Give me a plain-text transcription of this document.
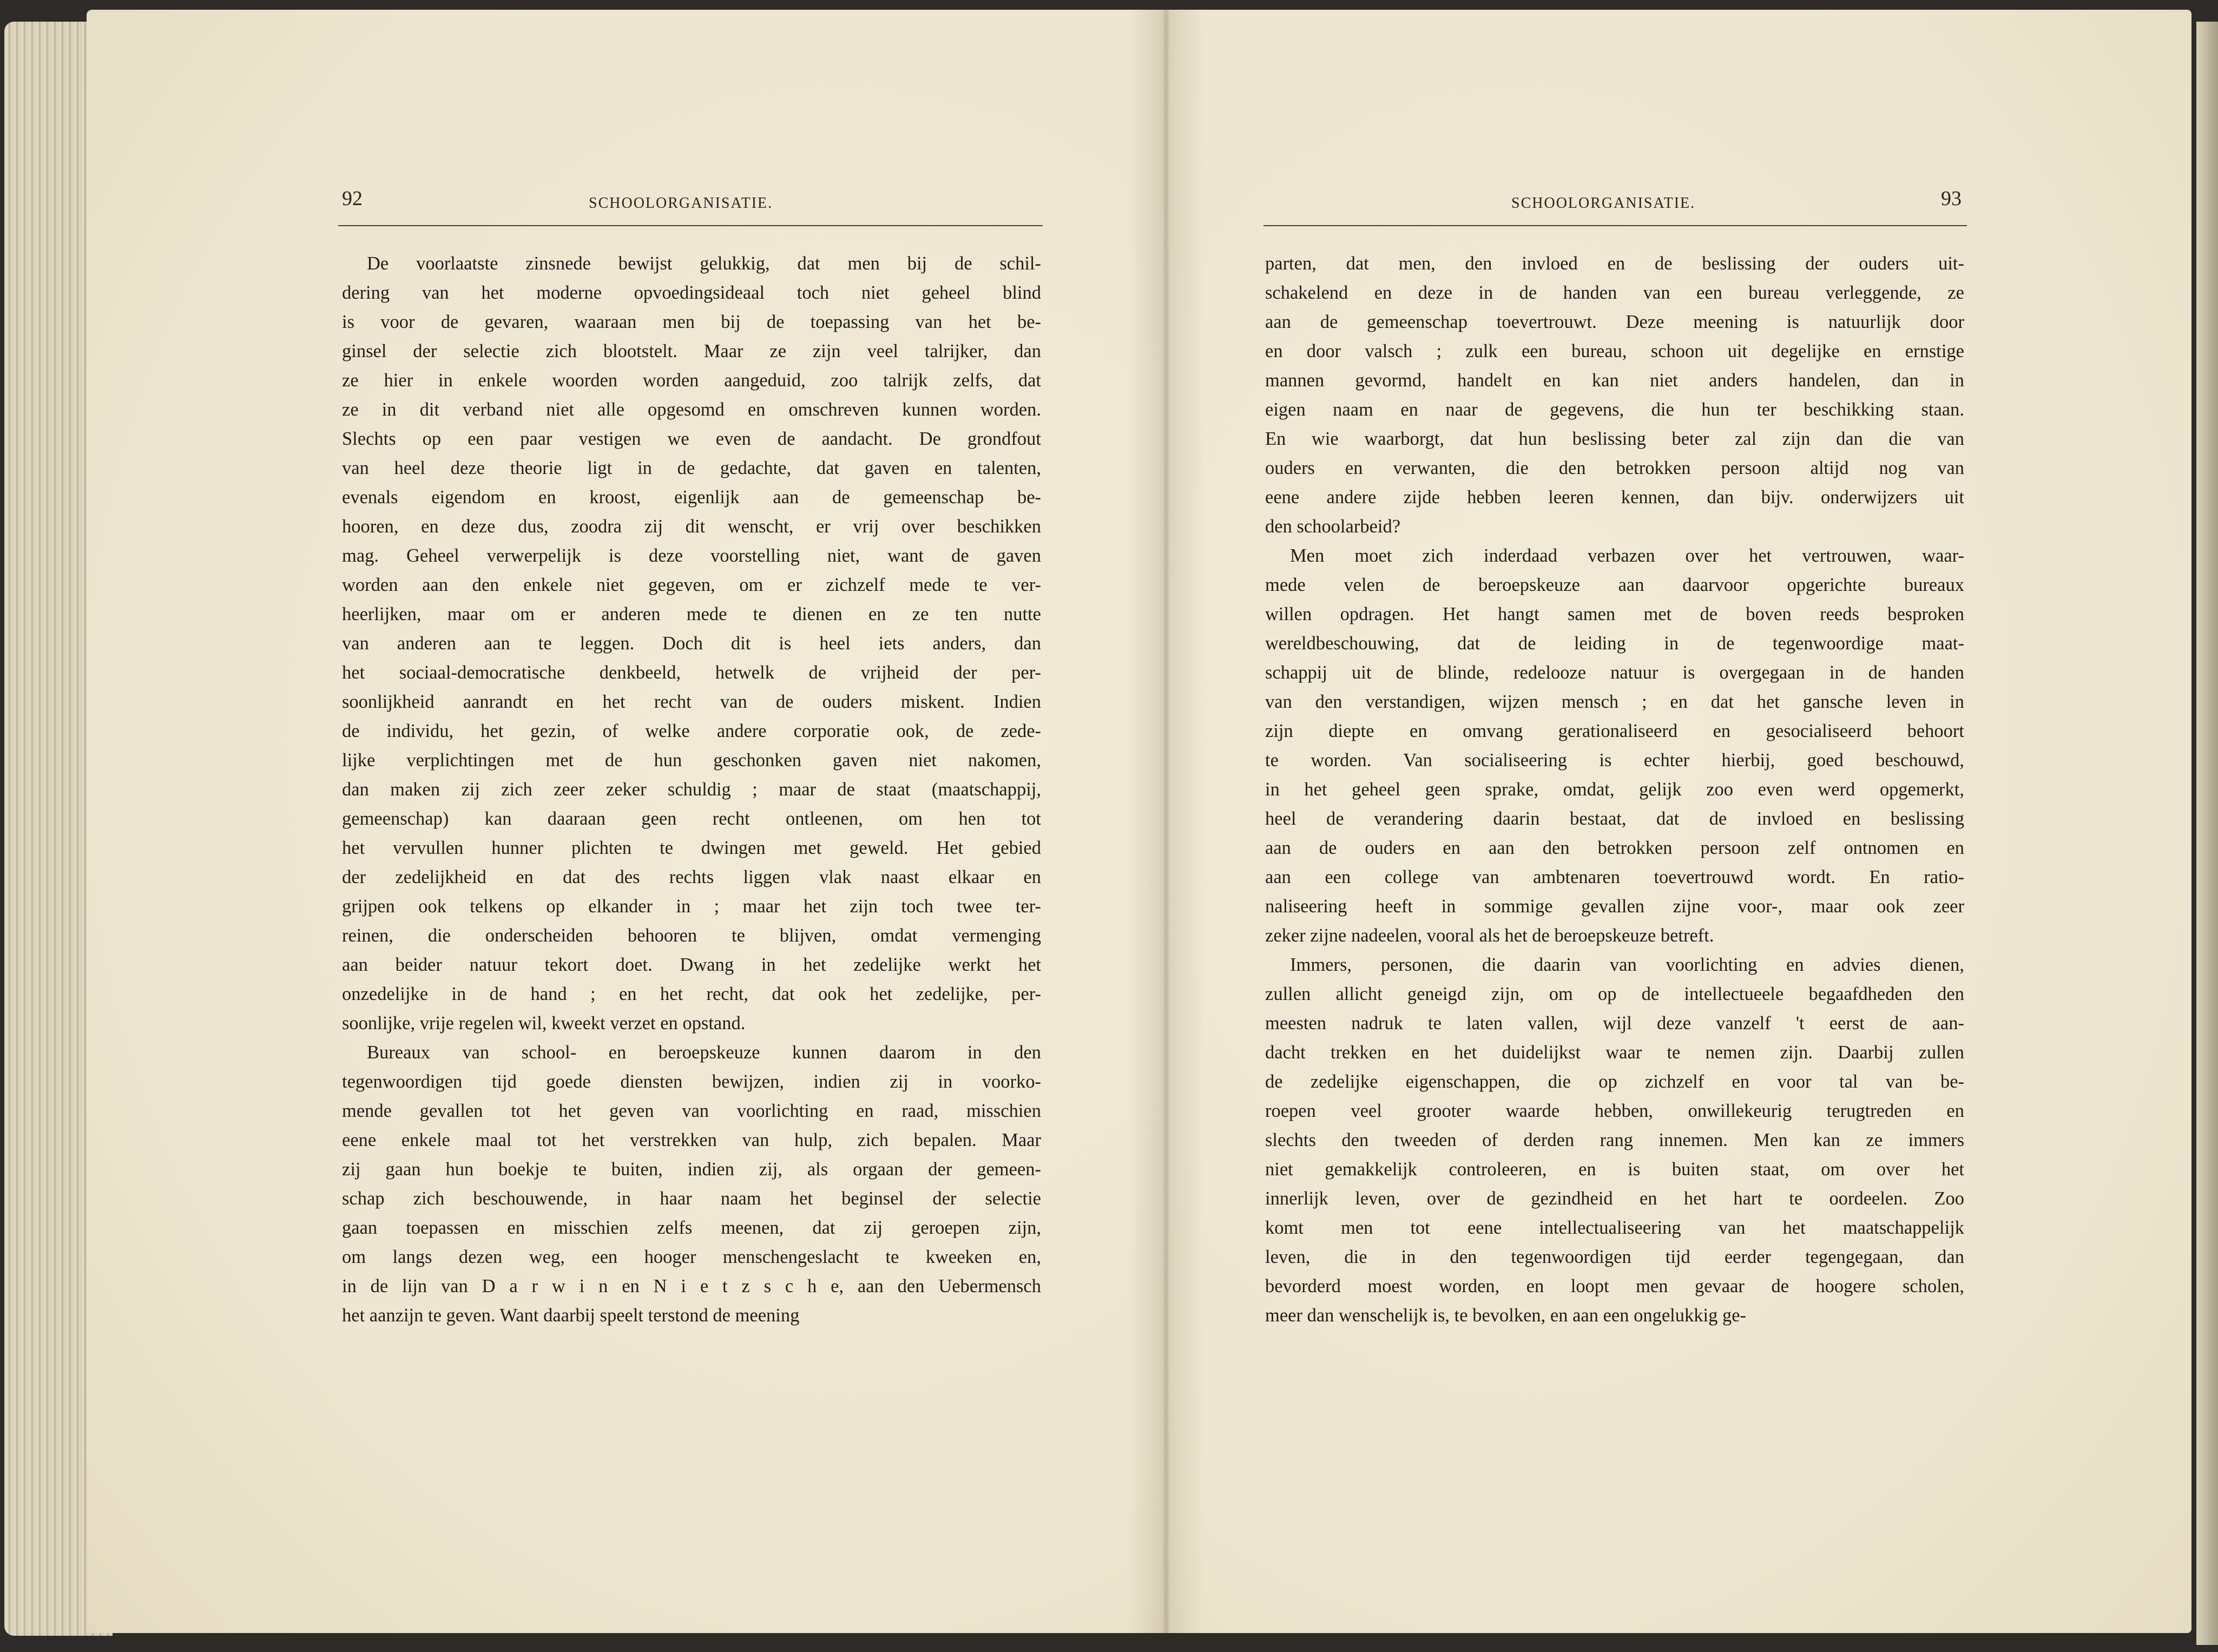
92	SCHOOLORGANISATIE.	SCHOOLORGANISATIE.	93
De voorlaatste zinsnede bewijst gelukkig, dat men bij de schil-
dering van het moderne opvoedingsideaal toch niet geheel blind
is voor de gevaren, waaraan men bij de toepassing van het be-
ginsel der selectie zich blootstelt. Maar ze zijn veel talrijker, dan
ze hier in enkele woorden worden aangeduid, zoo talrijk zelfs, dat
ze in dit verband niet alle opgesomd en omschreven kunnen worden.
Slechts op een paar vestigen we even de aandacht. De grondfout
van heel deze theorie ligt in de gedachte, dat gaven en talenten,
evenals eigendom en kroost, eigenlijk aan de gemeenschap be-
hooren, en deze dus, zoodra zij dit wenscht, er vrij over beschikken
mag. Geheel verwerpelijk is deze voorstelling niet, want de gaven
worden aan den enkele niet gegeven, om er zichzelf mede te ver-
heerlijken, maar om er anderen mede te dienen en ze ten nutte
van anderen aan te leggen. Doch dit is heel iets anders, dan
het sociaal-democratische denkbeeld, hetwelk de vrijheid der per-
soonlijkheid aanrandt en het recht van de ouders miskent. Indien
de individu, het gezin, of welke andere corporatie ook, de zede-
lijke verplichtingen met de hun geschonken gaven niet nakomen,
dan maken zij zich zeer zeker schuldig ; maar de staat (maatschappij,
gemeenschap) kan daaraan geen recht ontleenen, om hen tot
het vervullen hunner plichten te dwingen met geweld. Het gebied
der zedelijkheid en dat des rechts liggen vlak naast elkaar en
grijpen ook telkens op elkander in ; maar het zijn toch twee ter-
reinen, die onderscheiden behooren te blijven, omdat vermenging
aan beider natuur tekort doet. Dwang in het zedelijke werkt het
onzedelijke in de hand ; en het recht, dat ook het zedelijke, per-
soonlijke, vrije regelen wil, kweekt verzet en opstand.
Bureaux van school- en beroepskeuze kunnen daarom in den
tegenwoordigen tijd goede diensten bewijzen, indien zij in voorko-
mende gevallen tot het geven van voorlichting en raad, misschien
eene enkele maal tot het verstrekken van hulp, zich bepalen. Maar
zij gaan hun boekje te buiten, indien zij, als orgaan der gemeen-
schap zich beschouwende, in haar naam het beginsel der selectie
gaan toepassen en misschien zelfs meenen, dat zij geroepen zijn,
om langs dezen weg, een hooger menschengeslacht te kweeken en,
in de lijn van D a r w i n en N i e t z s c h e, aan den Uebermensch
het aanzijn te geven. Want daarbij speelt terstond de meening
parten, dat men, den invloed en de beslissing der ouders uit-
schakelend en deze in de handen van een bureau verleggende, ze
aan de gemeenschap toevertrouwt. Deze meening is natuurlijk door
en door valsch ; zulk een bureau, schoon uit degelijke en ernstige
mannen gevormd, handelt en kan niet anders handelen, dan in
eigen naam en naar de gegevens, die hun ter beschikking staan.
En wie waarborgt, dat hun beslissing beter zal zijn dan die van
ouders en verwanten, die den betrokken persoon altijd nog van
eene andere zijde hebben leeren kennen, dan bijv. onderwijzers uit
den schoolarbeid?
Men moet zich inderdaad verbazen over het vertrouwen, waar-
mede velen de beroepskeuze aan daarvoor opgerichte bureaux
willen opdragen. Het hangt samen met de boven reeds besproken
wereldbeschouwing, dat de leiding in de tegenwoordige maat-
schappij uit de blinde, redelooze natuur is overgegaan in de handen
van den verstandigen, wijzen mensch ; en dat het gansche leven in
zijn diepte en omvang gerationaliseerd en gesocialiseerd behoort
te worden. Van socialiseering is echter hierbij, goed beschouwd,
in het geheel geen sprake, omdat, gelijk zoo even werd opgemerkt,
heel de verandering daarin bestaat, dat de invloed en beslissing
aan de ouders en aan den betrokken persoon zelf ontnomen en
aan een college van ambtenaren toevertrouwd wordt. En ratio-
naliseering heeft in sommige gevallen zijne voor-, maar ook zeer
zeker zijne nadeelen, vooral als het de beroepskeuze betreft.
Immers, personen, die daarin van voorlichting en advies dienen,
zullen allicht geneigd zijn, om op de intellectueele begaafdheden den
meesten nadruk te laten vallen, wijl deze vanzelf 't eerst de aan-
dacht trekken en het duidelijkst waar te nemen zijn. Daarbij zullen
de zedelijke eigenschappen, die op zichzelf en voor tal van be-
roepen veel grooter waarde hebben, onwillekeurig terugtreden en
slechts den tweeden of derden rang innemen. Men kan ze immers
niet gemakkelijk controleeren, en is buiten staat, om over het
innerlijk leven, over de gezindheid en het hart te oordeelen. Zoo
komt men tot eene intellectualiseering van het maatschappelijk
leven, die in den tegenwoordigen tijd eerder tegengegaan, dan
bevorderd moest worden, en loopt men gevaar de hoogere scholen,
meer dan wenschelijk is, te bevolken, en aan een ongelukkig ge-
